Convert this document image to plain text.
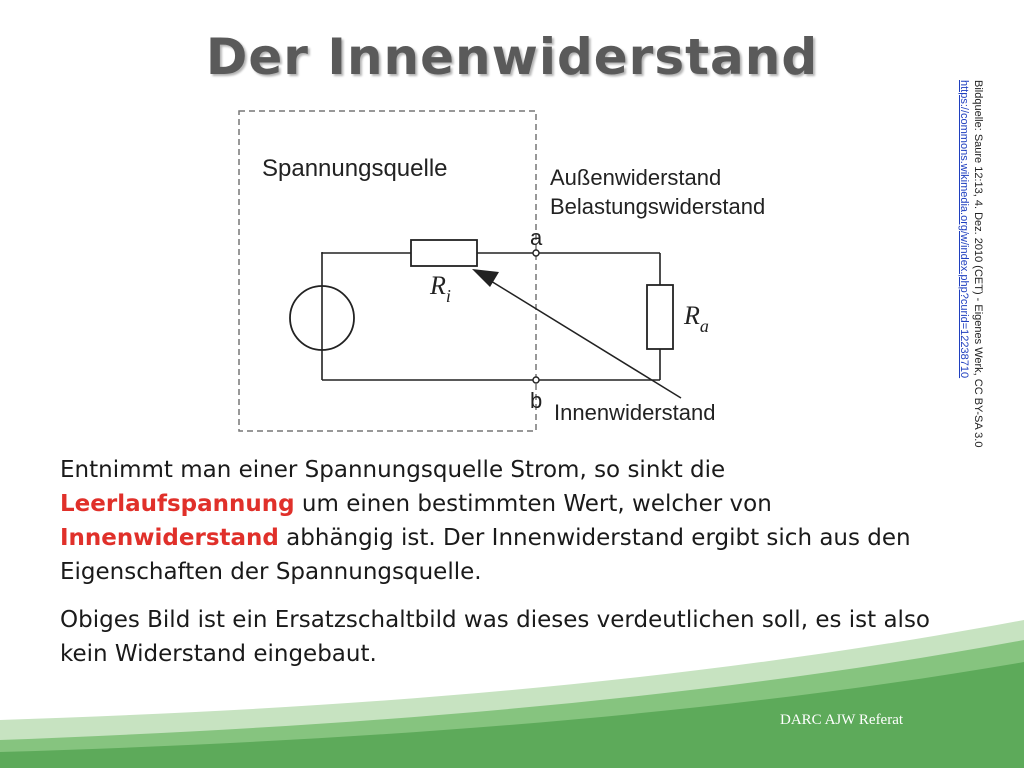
Der Innenwiderstand
Spannungsquelle
$R_i$
$R_a$
a
b
Außenwiderstand
Belastungswiderstand
Innenwiderstand	Bildquelle: Saure 12:13, 4. Dez. 2010 (CET) - Eigenes Werk, CC BY-SA 3.0
https://commons.wikimedia.org/w/index.php?curid=12238710

Entnimmt man einer Spannungsquelle Strom, so sinkt die Leerlaufspannung um einen bestimmten Wert, welcher von Innenwiderstand abhängig ist. Der Innenwiderstand ergibt sich aus den Eigenschaften der Spannungsquelle.

Obiges Bild ist ein Ersatzschaltbild was dieses verdeutlichen soll, es ist also kein Widerstand eingebaut.

DARC AJW Referat
